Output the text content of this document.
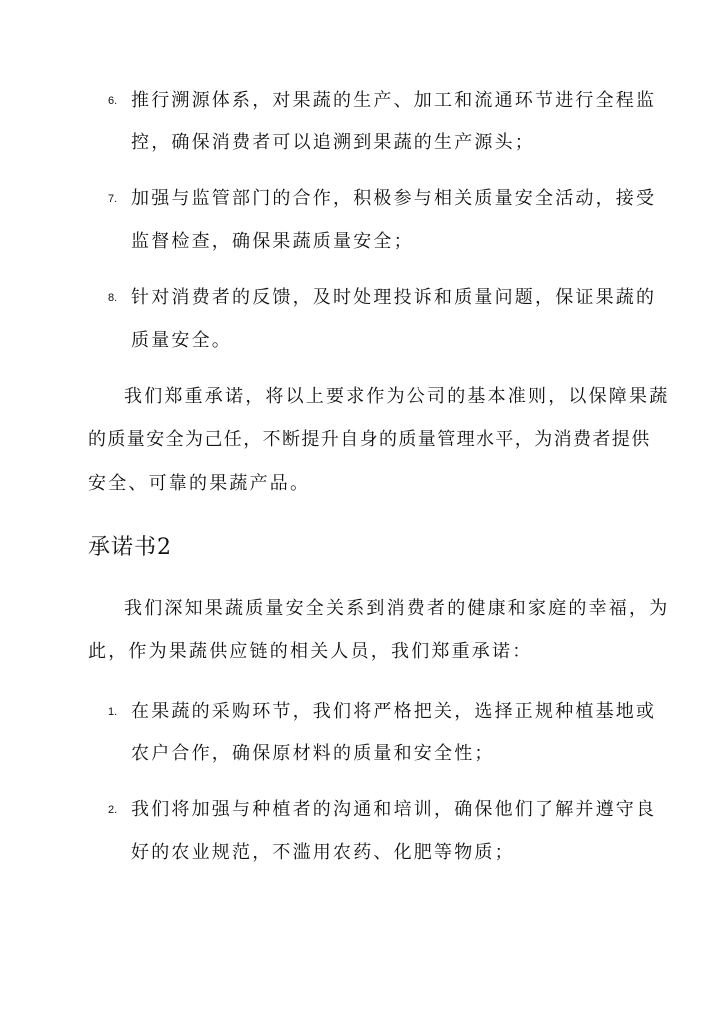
6. 推行溯源体系，对果蔬的生产、加工和流通环节进行全程监
控，确保消费者可以追溯到果蔬的生产源头；
7. 加强与监管部门的合作，积极参与相关质量安全活动，接受
监督检查，确保果蔬质量安全；
8. 针对消费者的反馈，及时处理投诉和质量问题，保证果蔬的
质量安全。
我们郑重承诺，将以上要求作为公司的基本准则，以保障果蔬
的质量安全为己任，不断提升自身的质量管理水平，为消费者提供
安全、可靠的果蔬产品。
承诺书2
我们深知果蔬质量安全关系到消费者的健康和家庭的幸福，为
此，作为果蔬供应链的相关人员，我们郑重承诺：
1. 在果蔬的采购环节，我们将严格把关，选择正规种植基地或
农户合作，确保原材料的质量和安全性；
2. 我们将加强与种植者的沟通和培训，确保他们了解并遵守良
好的农业规范，不滥用农药、化肥等物质；
